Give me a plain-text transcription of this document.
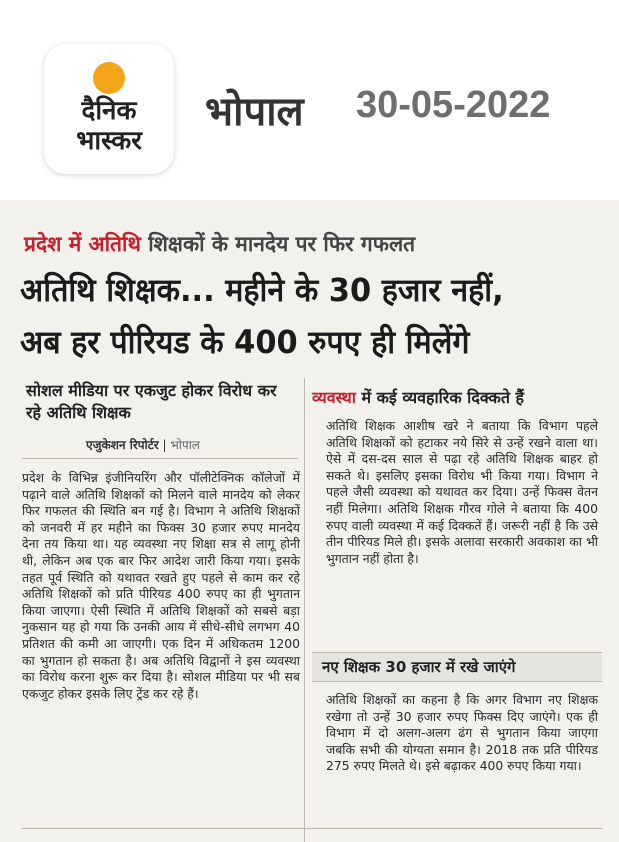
दैनिक
भास्कर
भोपाल 30-05-2022
प्रदेश में अतिथि शिक्षकों के मानदेय पर फिर गफलत
अतिथि शिक्षक... महीने के 30 हजार नहीं,
अब हर पीरियड के 400 रुपए ही मिलेंगे
सोशल मीडिया पर एकजुट होकर विरोध कर रहे अतिथि शिक्षक
एजुकेशन रिपोर्टर | भोपाल
प्रदेश के विभिन्न इंजीनियरिंग और पॉलीटेक्निक कॉलेजों में पढ़ाने वाले अतिथि शिक्षकों को मिलने वाले मानदेय को लेकर फिर गफलत की स्थिति बन गई है। विभाग ने अतिथि शिक्षकों को जनवरी में हर महीने का फिक्स 30 हजार रुपए मानदेय देना तय किया था। यह व्यवस्था नए शिक्षा सत्र से लागू होनी थी, लेकिन अब एक बार फिर आदेश जारी किया गया। इसके तहत पूर्व स्थिति को यथावत रखते हुए पहले से काम कर रहे अतिथि शिक्षकों को प्रति पीरियड 400 रुपए का ही भुगतान किया जाएगा। ऐसी स्थिति में अतिथि शिक्षकों को सबसे बड़ा नुकसान यह हो गया कि उनकी आय में सीधे-सीधे लगभग 40 प्रतिशत की कमी आ जाएगी। एक दिन में अधिकतम 1200 का भुगतान हो सकता है। अब अतिथि विद्वानों ने इस व्यवस्था का विरोध करना शुरू कर दिया है। सोशल मीडिया पर भी सब एकजुट होकर इसके लिए ट्रेंड कर रहे हैं।
व्यवस्था में कई व्यवहारिक दिक्कते हैं
अतिथि शिक्षक आशीष खरे ने बताया कि विभाग पहले अतिथि शिक्षकों को हटाकर नये सिरे से उन्हें रखने वाला था। ऐसे में दस-दस साल से पढ़ा रहे अतिथि शिक्षक बाहर हो सकते थे। इसलिए इसका विरोध भी किया गया। विभाग ने पहले जैसी व्यवस्था को यथावत कर दिया। उन्हें फिक्स वेतन नहीं मिलेगा। अतिथि शिक्षक गौरव गोले ने बताया कि 400 रुपए वाली व्यवस्था में कई दिक्कतें हैं। जरूरी नहीं है कि उसे तीन पीरियड मिले ही। इसके अलावा सरकारी अवकाश का भी भुगतान नहीं होता है।
नए शिक्षक 30 हजार में रखे जाएंगे
अतिथि शिक्षकों का कहना है कि अगर विभाग नए शिक्षक रखेगा तो उन्हें 30 हजार रुपए फिक्स दिए जाएंगे। एक ही विभाग में दो अलग-अलग ढंग से भुगतान किया जाएगा जबकि सभी की योग्यता समान है। 2018 तक प्रति पीरियड 275 रुपए मिलते थे। इसे बढ़ाकर 400 रुपए किया गया।
